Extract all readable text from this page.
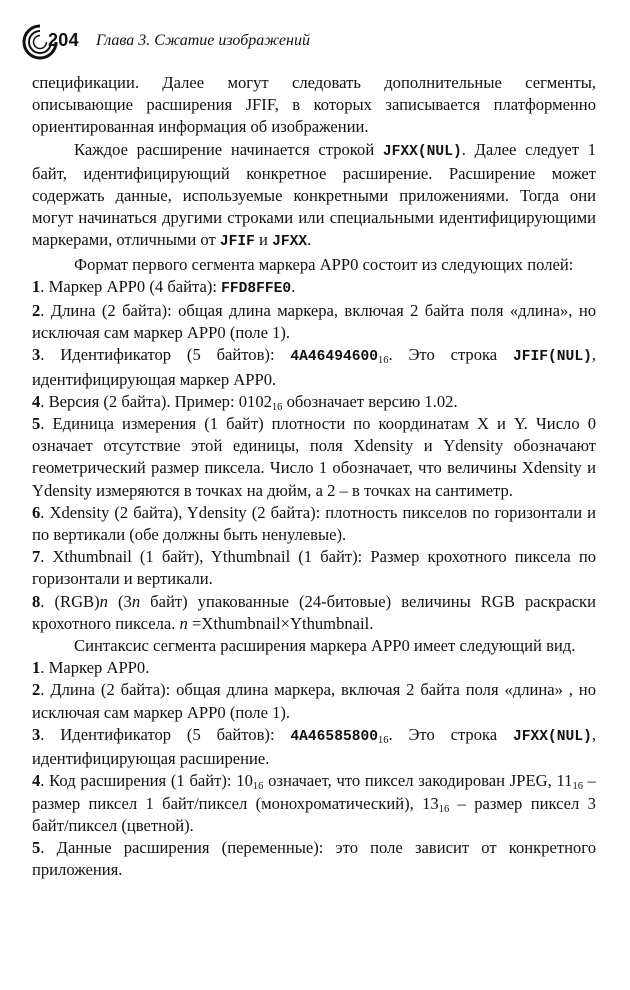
204 Глава 3. Сжатие изображений

спецификации. Далее могут следовать дополнительные сегменты, описывающие расширения JFIF, в которых записывается платформенно ориентированная информация об изображении.

Каждое расширение начинается строкой JFXX(NUL). Далее следует 1 байт, идентифицирующий конкретное расширение. Расширение может содержать данные, используемые конкретными приложениями. Тогда они могут начинаться другими строками или специальными идентифицирующими маркерами, отличными от JFIF и JFXX.

Формат первого сегмента маркера APP0 состоит из следующих полей:

1. Маркер APP0 (4 байта): FFD8FFE0.

2. Длина (2 байта): общая длина маркера, включая 2 байта поля «длина», но исключая сам маркер APP0 (поле 1).

3. Идентификатор (5 байтов): $4A46494600_{16}$. Это строка JFIF(NUL), идентифицирующая маркер APP0.

4. Версия (2 байта). Пример: $0102_{16}$ обозначает версию 1.02.

5. Единица измерения (1 байт) плотности по координатам X и Y. Число 0 означает отсутствие этой единицы, поля Xdensity и Ydensity обозначают геометрический размер пиксела. Число 1 обозначает, что величины Xdensity и Ydensity измеряются в точках на дюйм, а 2 – в точках на сантиметр.

6. Xdensity (2 байта), Ydensity (2 байта): плотность пикселов по горизонтали и по вертикали (обе должны быть ненулевые).

7. Xthumbnail (1 байт), Ythumbnail (1 байт): Размер крохотного пиксела по горизонтали и вертикали.

8. (RGB)n (3n байт) упакованные (24-битовые) величины RGB раскраски крохотного пиксела. n =Xthumbnail×Ythumbnail.

Синтаксис сегмента расширения маркера APP0 имеет следующий вид.

1. Маркер APP0.

2. Длина (2 байта): общая длина маркера, включая 2 байта поля «длина» , но исключая сам маркер APP0 (поле 1).

3. Идентификатор (5 байтов): $4A46585800_{16}$. Это строка JFXX(NUL), идентифицирующая расширение.

4. Код расширения (1 байт): $10_{16}$ означает, что пиксел закодирован JPEG, $11_{16}$ – размер пиксел 1 байт/пиксел (монохроматический), $13_{16}$ – размер пиксел 3 байт/пиксел (цветной).

5. Данные расширения (переменные): это поле зависит от конкретного приложения.
